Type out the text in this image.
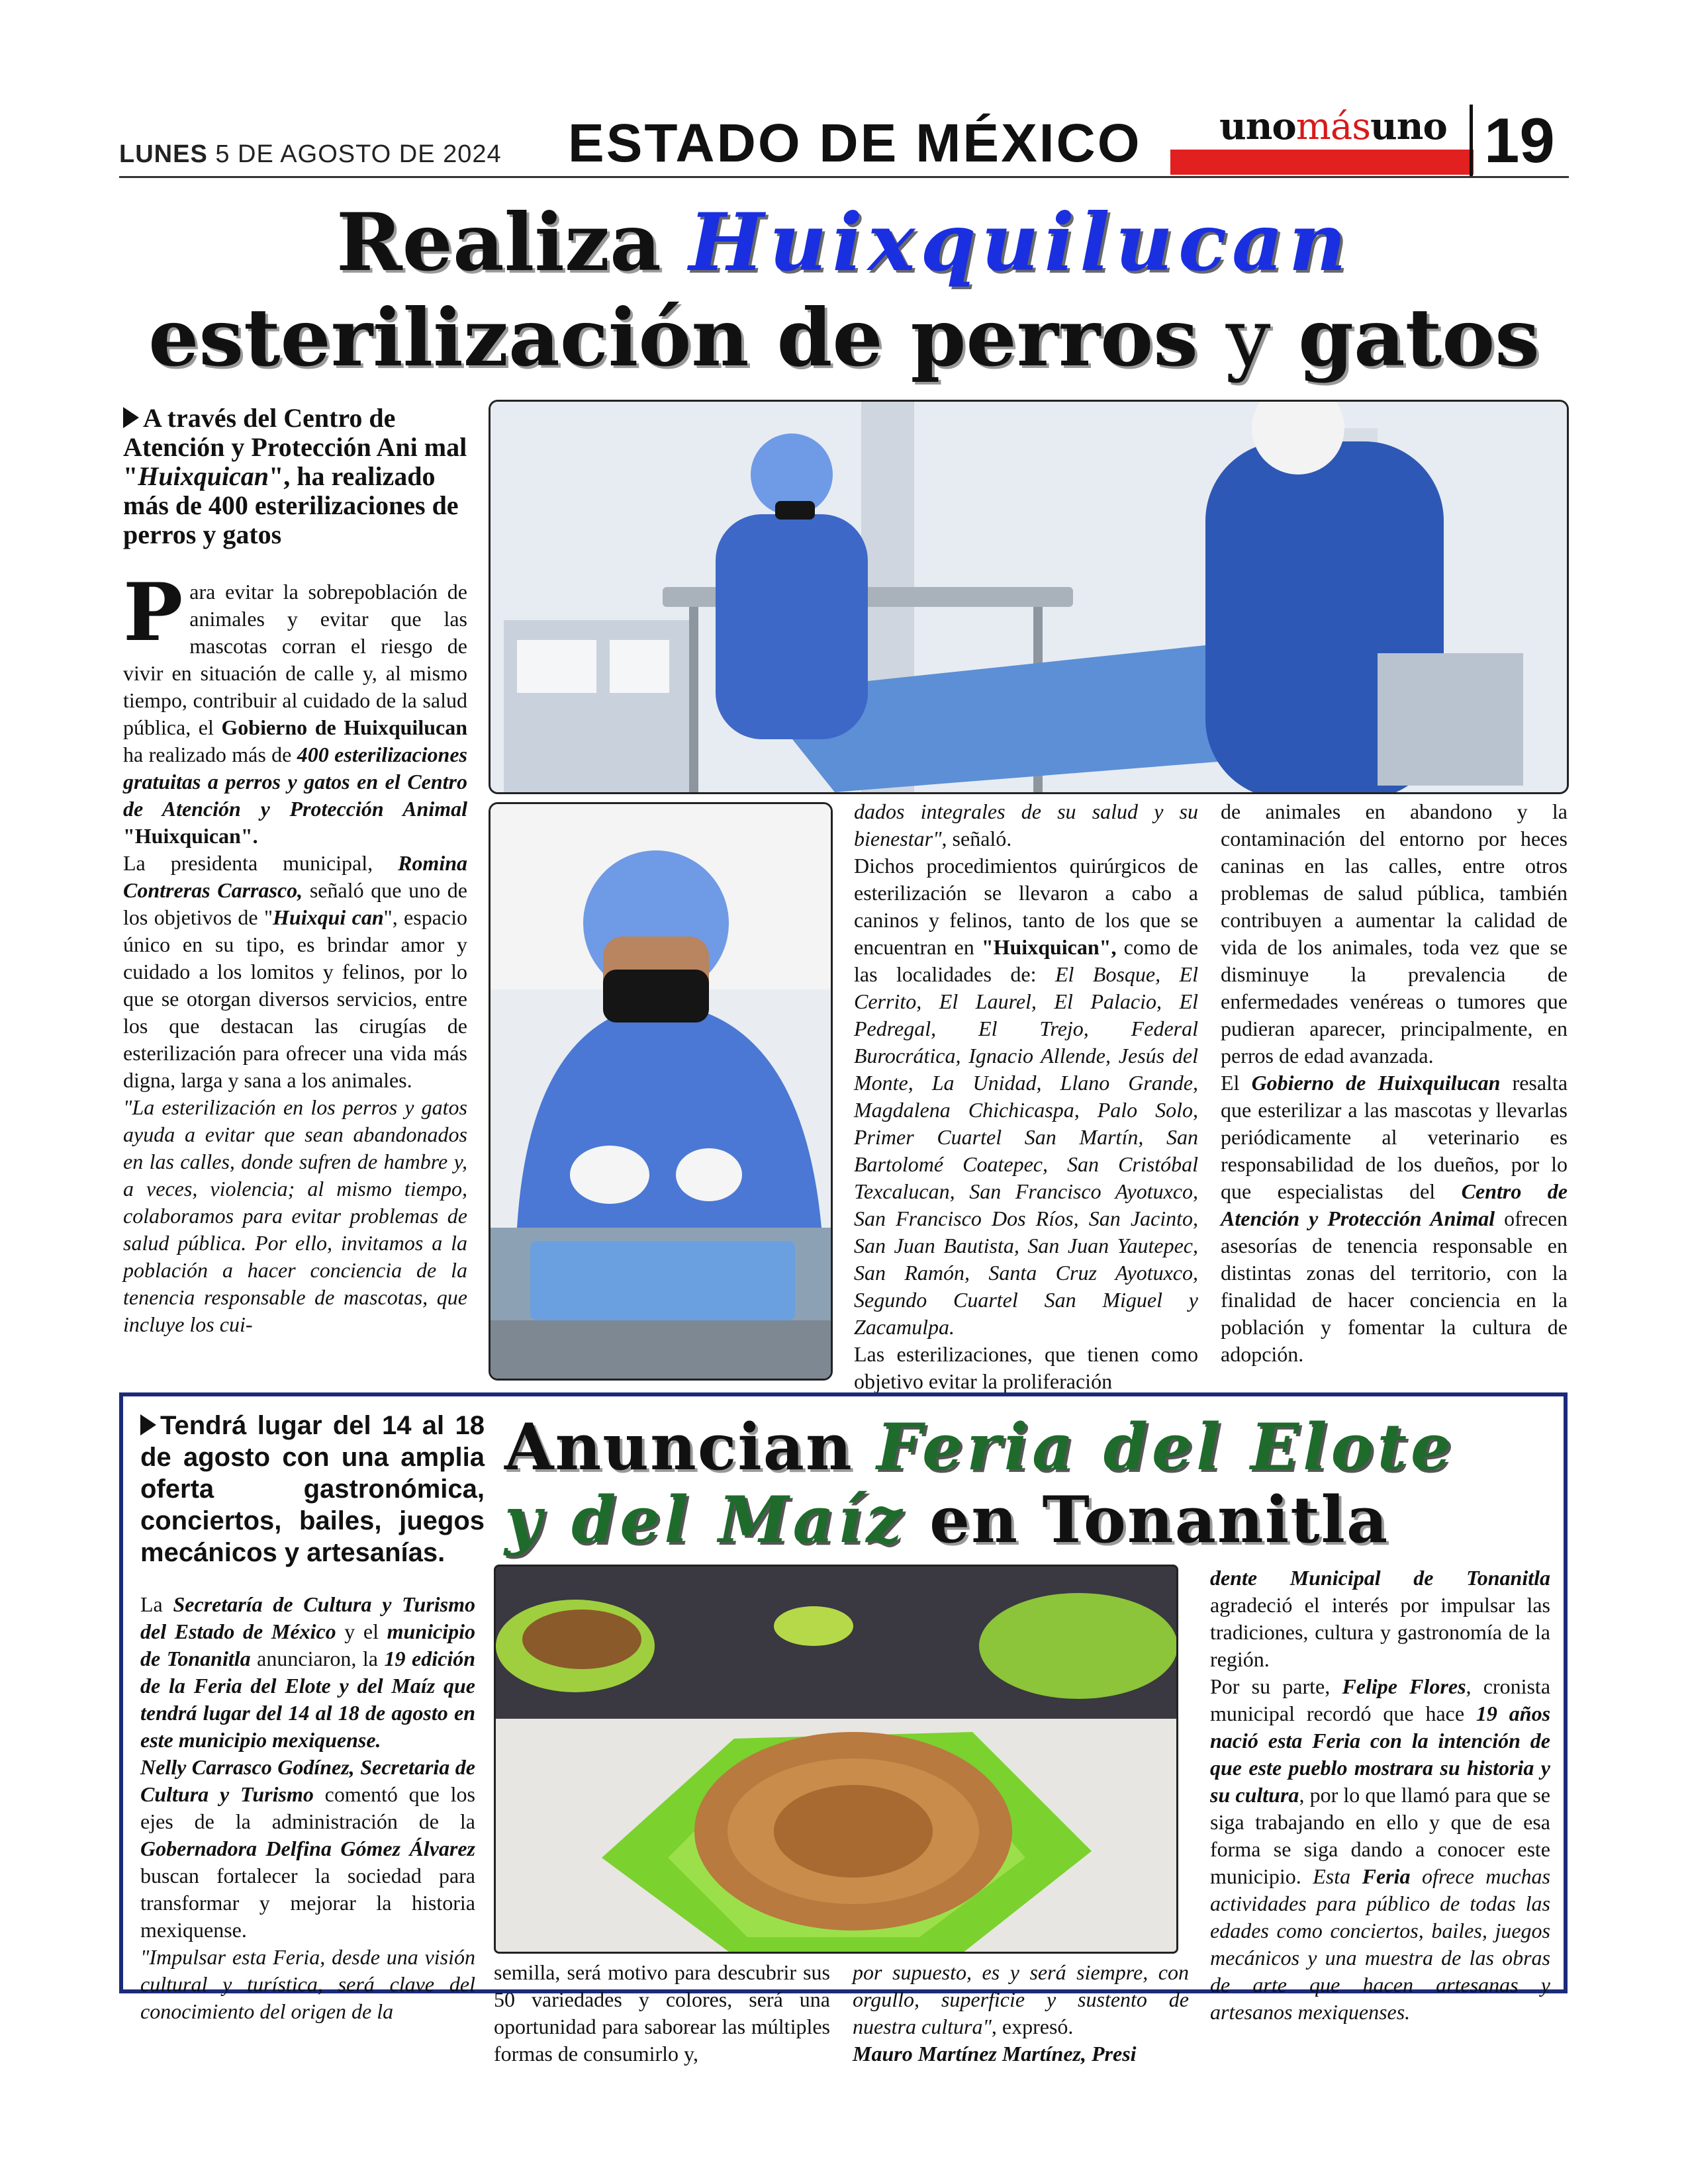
LUNES 5 DE AGOSTO DE 2024 ESTADO DE MÉXICO unomásuno 19
Realiza Huixquilucan
esterilización de perros y gatos
A través del Centro de Atención y Protección Ani mal "Huixquican", ha realizado más de 400 esterilizaciones de perros y gatos

Para evitar la sobrepoblación de animales y evitar que las mascotas corran el riesgo de vivir en situación de calle y, al mismo tiempo, contribuir al cuidado de la salud pública, el Gobierno de Huixquilucan ha realizado más de 400 esterilizaciones gratuitas a perros y gatos en el Centro de Atención y Protección Animal "Huixquican".

La presidenta municipal, Romina Contreras Carrasco, señaló que uno de los objetivos de "Huixqui can", espacio único en su tipo, es brindar amor y cuidado a los lomitos y felinos, por lo que se otorgan diversos servicios, entre los que destacan las cirugías de esterilización para ofrecer una vida más digna, larga y sana a los animales.

"La esterilización en los perros y gatos ayuda a evitar que sean abandonados en las calles, donde sufren de hambre y, a veces, violencia; al mismo tiempo, colaboramos para evitar problemas de salud pública. Por ello, invitamos a la población a hacer conciencia de la tenencia responsable de mascotas, que incluye los cui-

dados integrales de su salud y su bienestar", señaló.

Dichos procedimientos quirúrgicos de esterilización se llevaron a cabo a caninos y felinos, tanto de los que se encuentran en "Huixquican", como de las localidades de: El Bosque, El Cerrito, El Laurel, El Palacio, El Pedregal, El Trejo, Federal Burocrática, Ignacio Allende, Jesús del Monte, La Unidad, Llano Grande, Magdalena Chichicaspa, Palo Solo, Primer Cuartel San Martín, San Bartolomé Coatepec, San Cristóbal Texcalucan, San Francisco Ayotuxco, San Francisco Dos Ríos, San Jacinto, San Juan Bautista, San Juan Yautepec, San Ramón, Santa Cruz Ayotuxco, Segundo Cuartel San Miguel y Zacamulpa.

Las esterilizaciones, que tienen como objetivo evitar la proliferación

de animales en abandono y la contaminación del entorno por heces caninas en las calles, entre otros problemas de salud pública, también contribuyen a aumentar la calidad de vida de los animales, toda vez que se disminuye la prevalencia de enfermedades venéreas o tumores que pudieran aparecer, principalmente, en perros de edad avanzada.

El Gobierno de Huixquilucan resalta que esterilizar a las mascotas y llevarlas periódicamente al veterinario es responsabilidad de los dueños, por lo que especialistas del Centro de Atención y Protección Animal ofrecen asesorías de tenencia responsable en distintas zonas del territorio, con la finalidad de hacer conciencia en la población y fomentar la cultura de adopción.

Tendrá lugar del 14 al 18 de agosto con una amplia oferta gastronómica, conciertos, bailes, juegos mecánicos y artesanías.
Anuncian Feria del Elote
y del Maíz en Tonanitla

La Secretaría de Cultura y Turismo del Estado de México y el municipio de Tonanitla anunciaron, la 19 edición de la Feria del Elote y del Maíz que tendrá lugar del 14 al 18 de agosto en este municipio mexiquense.

Nelly Carrasco Godínez, Secretaria de Cultura y Turismo comentó que los ejes de la administración de la Gobernadora Delfina Gómez Álvarez buscan fortalecer la sociedad para transformar y mejorar la historia mexiquense.

"Impulsar esta Feria, desde una visión cultural y turística, será clave del conocimiento del origen de la

semilla, será motivo para descubrir sus 50 variedades y colores, será una oportunidad para saborear las múltiples formas de consumirlo y,

por supuesto, es y será siempre, con orgullo, superficie y sustento de nuestra cultura", expresó.

Mauro Martínez Martínez, Presi

dente Municipal de Tonanitla agradeció el interés por impulsar las tradiciones, cultura y gastronomía de la región.

Por su parte, Felipe Flores, cronista municipal recordó que hace 19 años nació esta Feria con la intención de que este pueblo mostrara su historia y su cultura, por lo que llamó para que se siga trabajando en ello y que de esa forma se siga dando a conocer este municipio. Esta Feria ofrece muchas actividades para público de todas las edades como conciertos, bailes, juegos mecánicos y una muestra de las obras de arte que hacen artesanas y artesanos mexiquenses.
